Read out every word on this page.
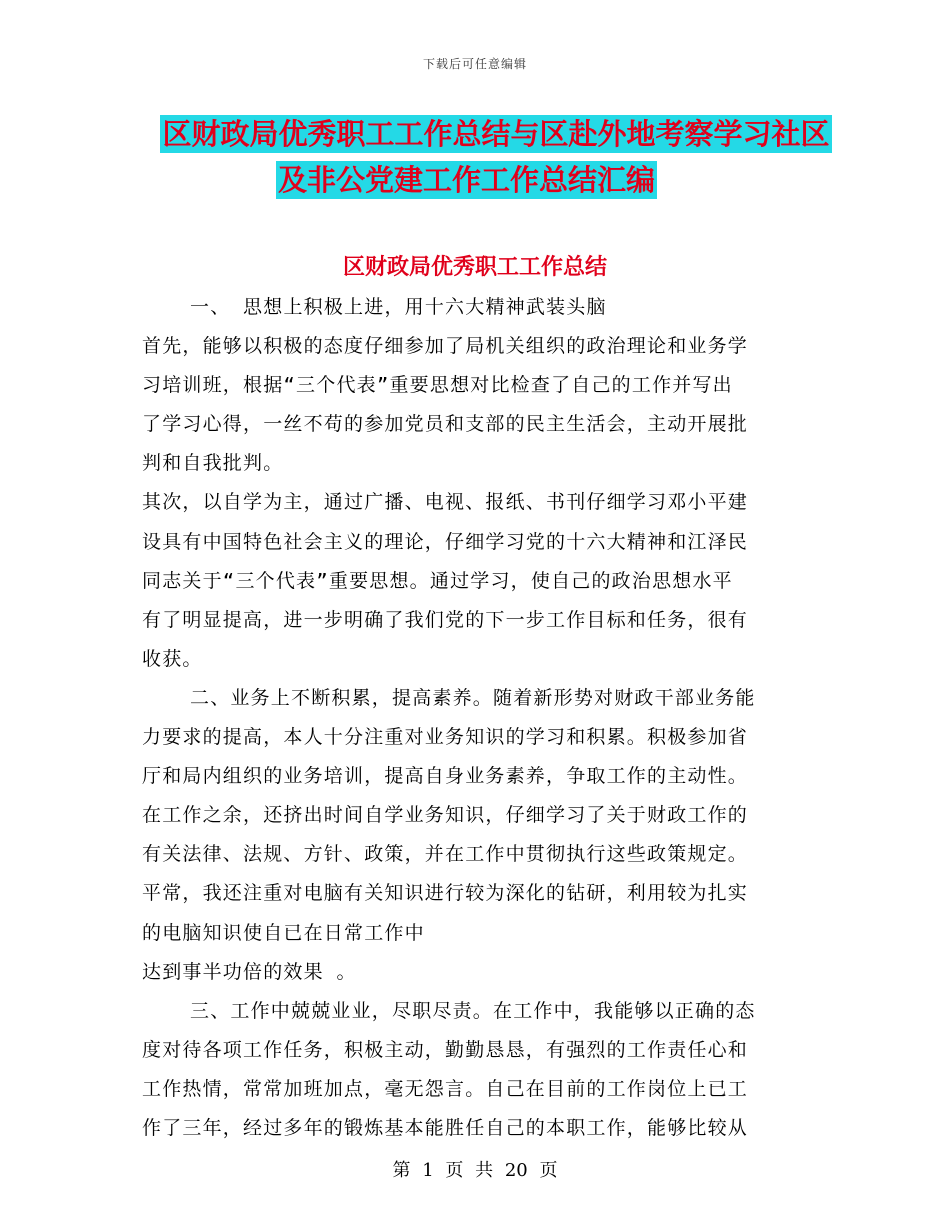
下载后可任意编辑
区财政局优秀职工工作总结与区赴外地考察学习社区
及非公党建工作工作总结汇编
区财政局优秀职工工作总结
一、 思想上积极上进，用十六大精神武装头脑
首先，能够以积极的态度仔细参加了局机关组织的政治理论和业务学
习培训班，根据“三个代表”重要思想对比检查了自己的工作并写出
了学习心得，一丝不苟的参加党员和支部的民主生活会，主动开展批
判和自我批判。
其次，以自学为主，通过广播、电视、报纸、书刊仔细学习邓小平建
设具有中国特色社会主义的理论，仔细学习党的十六大精神和江泽民
同志关于“三个代表”重要思想。通过学习，使自己的政治思想水平
有了明显提高，进一步明确了我们党的下一步工作目标和任务，很有
收获。
二、业务上不断积累，提高素养。随着新形势对财政干部业务能
力要求的提高，本人十分注重对业务知识的学习和积累。积极参加省
厅和局内组织的业务培训，提高自身业务素养，争取工作的主动性。
在工作之余，还挤出时间自学业务知识，仔细学习了关于财政工作的
有关法律、法规、方针、政策，并在工作中贯彻执行这些政策规定。
平常，我还注重对电脑有关知识进行较为深化的钻研，利用较为扎实
的电脑知识使自已在日常工作中
达到事半功倍的效果 。
三、工作中兢兢业业，尽职尽责。在工作中，我能够以正确的态
度对待各项工作任务，积极主动，勤勤恳恳，有强烈的工作责任心和
工作热情，常常加班加点，毫无怨言。自己在目前的工作岗位上已工
作了三年，经过多年的锻炼基本能胜任自己的本职工作，能够比较从
第 1 页 共 20 页
